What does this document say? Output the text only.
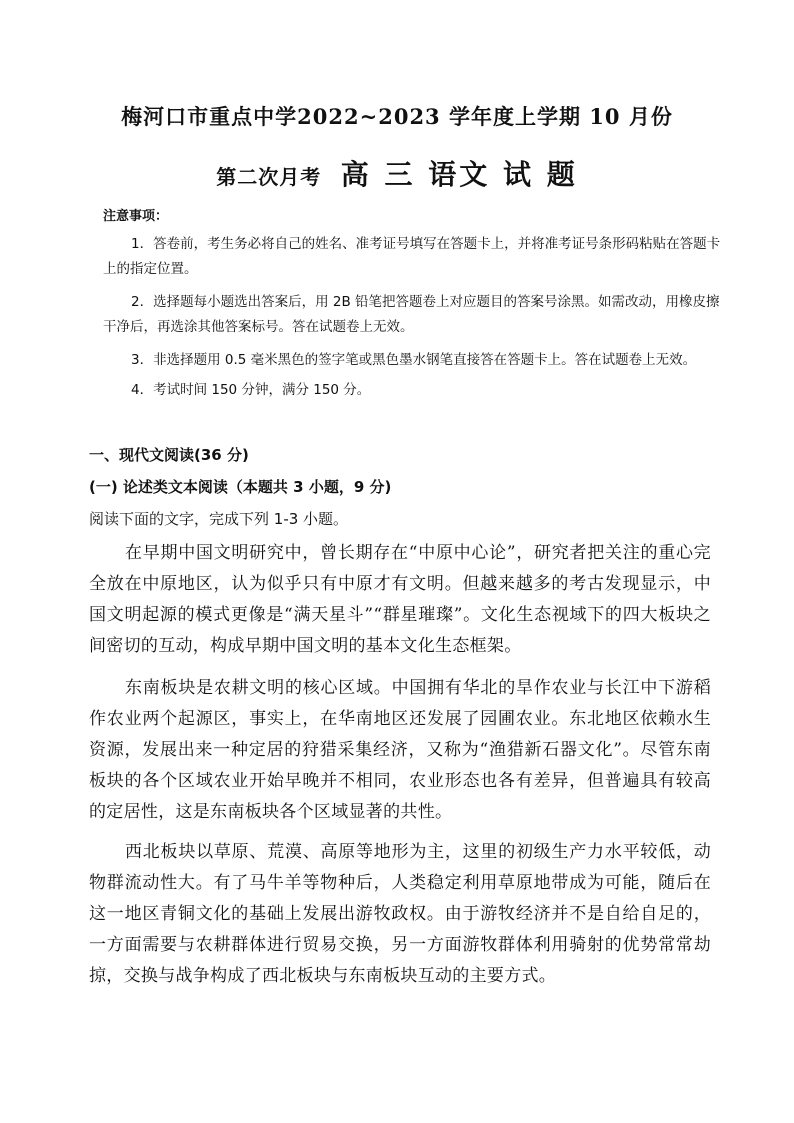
梅河口市重点中学2022~2023 学年度上学期 10 月份
第二次月考 高 三 语文 试 题
注意事项：
1．答卷前，考生务必将自己的姓名、准考证号填写在答题卡上，并将准考证号条形码粘贴在答题卡上的指定位置。
2．选择题每小题选出答案后，用 2B 铅笔把答题卷上对应题目的答案号涂黑。如需改动，用橡皮擦干净后，再选涂其他答案标号。答在试题卷上无效。
3．非选择题用 0.5 毫米黑色的签字笔或黑色墨水钢笔直接答在答题卡上。答在试题卷上无效。
4．考试时间 150 分钟，满分 150 分。
一、现代文阅读(36 分)
(一) 论述类文本阅读（本题共 3 小题，9 分)
阅读下面的文字，完成下列 1-3 小题。
在早期中国文明研究中，曾长期存在“中原中心论”，研究者把关注的重心完全放在中原地区，认为似乎只有中原才有文明。但越来越多的考古发现显示，中国文明起源的模式更像是“满天星斗”“群星璀璨”。文化生态视域下的四大板块之间密切的互动，构成早期中国文明的基本文化生态框架。
东南板块是农耕文明的核心区域。中国拥有华北的旱作农业与长江中下游稻作农业两个起源区，事实上，在华南地区还发展了园圃农业。东北地区依赖水生资源，发展出来一种定居的狩猎采集经济，又称为“渔猎新石器文化”。尽管东南板块的各个区域农业开始早晚并不相同，农业形态也各有差异，但普遍具有较高的定居性，这是东南板块各个区域显著的共性。
西北板块以草原、荒漠、高原等地形为主，这里的初级生产力水平较低，动物群流动性大。有了马牛羊等物种后，人类稳定利用草原地带成为可能，随后在这一地区青铜文化的基础上发展出游牧政权。由于游牧经济并不是自给自足的，一方面需要与农耕群体进行贸易交换，另一方面游牧群体利用骑射的优势常常劫掠，交换与战争构成了西北板块与东南板块互动的主要方式。
